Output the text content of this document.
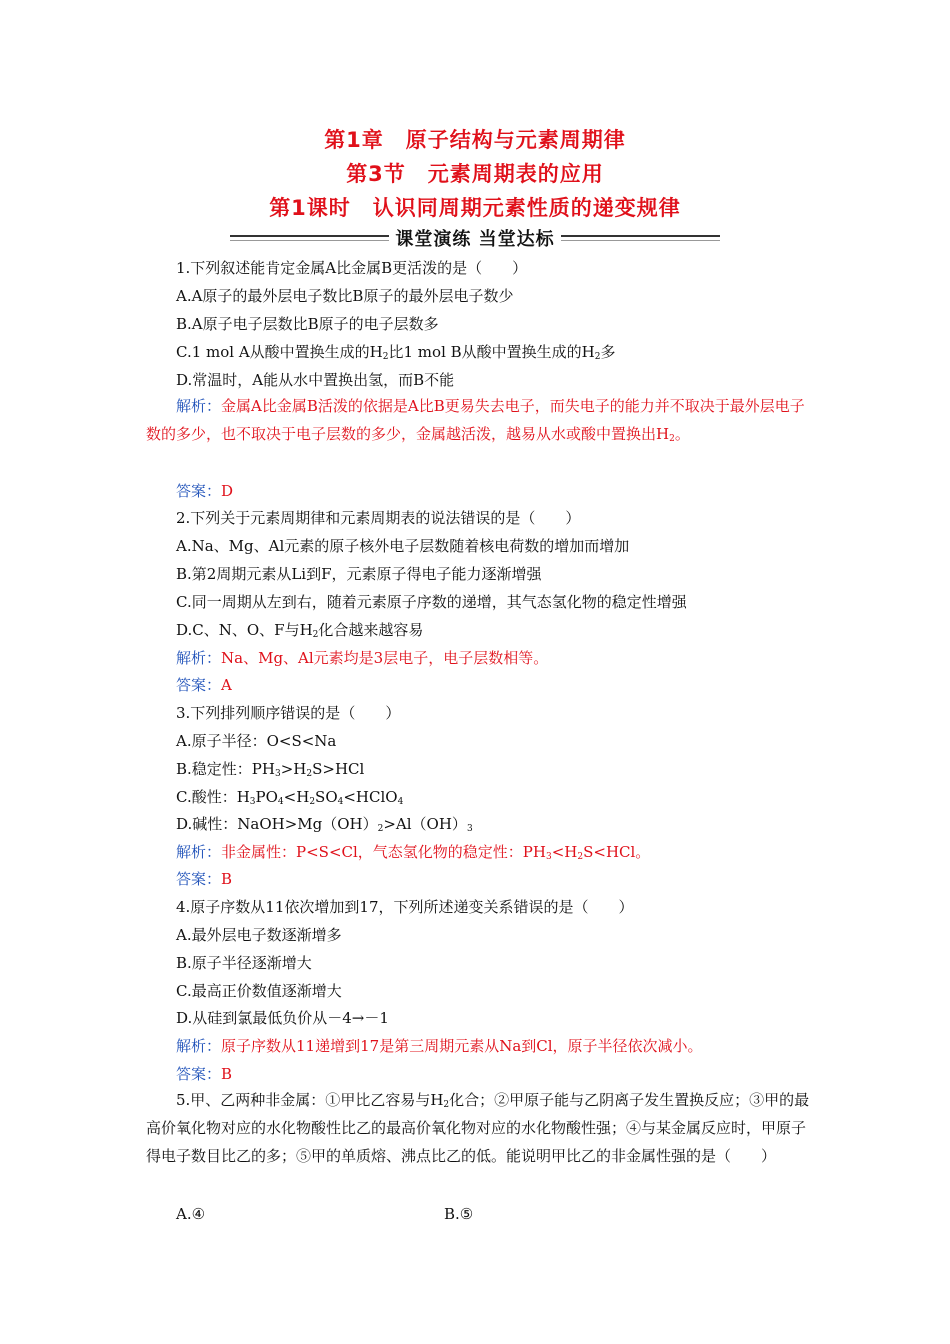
第1章　原子结构与元素周期律
第3节　元素周期表的应用
第1课时　认识同周期元素性质的递变规律
课堂演练 当堂达标
1.下列叙述能肯定金属A比金属B更活泼的是（　　）
A.A原子的最外层电子数比B原子的最外层电子数少
B.A原子电子层数比B原子的电子层数多
C.1 mol A从酸中置换生成的$H_2$比1 mol B从酸中置换生成的$H_2$多
D.常温时，A能从水中置换出氢，而B不能
解析：金属A比金属B活泼的依据是A比B更易失去电子，而失电子的能力并不取决于最外层电子数的多少，也不取决于电子层数的多少，金属越活泼，越易从水或酸中置换出$H_2$。
答案：D
2.下列关于元素周期律和元素周期表的说法错误的是（　　）
A.Na、Mg、Al元素的原子核外电子层数随着核电荷数的增加而增加
B.第2周期元素从Li到F，元素原子得电子能力逐渐增强
C.同一周期从左到右，随着元素原子序数的递增，其气态氢化物的稳定性增强
D.C、N、O、F与$H_2$化合越来越容易
解析：Na、Mg、Al元素均是3层电子，电子层数相等。
答案：A
3.下列排列顺序错误的是（　　）
A.原子半径：O<S<Na
B.稳定性：$PH_3>H_2S>HCl$
C.酸性：$H_3PO_4<H_2SO_4<HClO_4$
D.碱性：$NaOH>Mg(OH)_2>Al(OH)_3$
解析：非金属性：P<S<Cl，气态氢化物的稳定性：$PH_3<H_2S<HCl$。
答案：B
4.原子序数从11依次增加到17，下列所述递变关系错误的是（　　）
A.最外层电子数逐渐增多
B.原子半径逐渐增大
C.最高正价数值逐渐增大
D.从硅到氯最低负价从－4→－1
解析：原子序数从11递增到17是第三周期元素从Na到Cl，原子半径依次减小。
答案：B
5.甲、乙两种非金属：①甲比乙容易与$H_2$化合；②甲原子能与乙阴离子发生置换反应；③甲的最高价氧化物对应的水化物酸性比乙的最高价氧化物对应的水化物酸性强；④与某金属反应时，甲原子得电子数目比乙的多；⑤甲的单质熔、沸点比乙的低。能说明甲比乙的非金属性强的是（　　）
A.④	B.⑤
